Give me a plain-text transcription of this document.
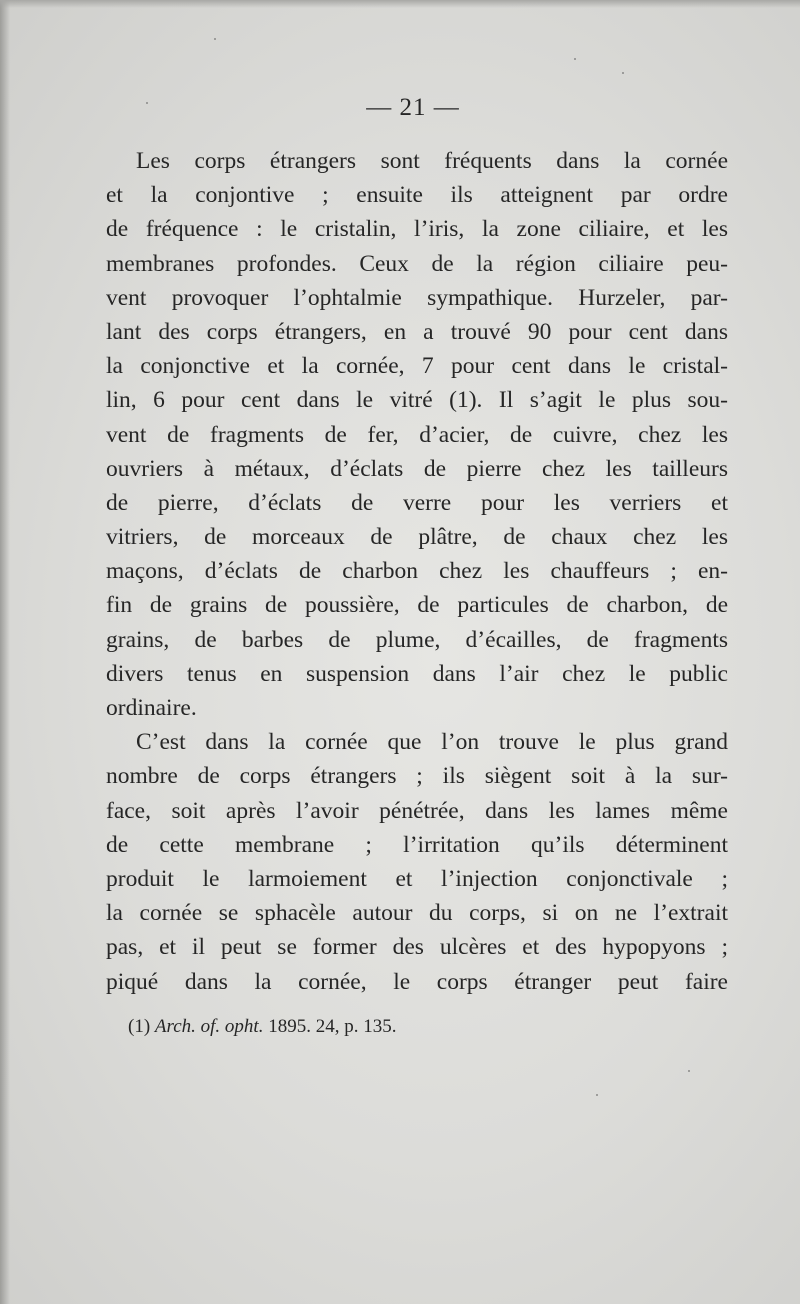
— 21 —
Les corps étrangers sont fréquents dans la cornée
et la conjontive ; ensuite ils atteignent par ordre
de fréquence : le cristalin, l’iris, la zone ciliaire, et les
membranes profondes. Ceux de la région ciliaire peu-
vent provoquer l’ophtalmie sympathique. Hurzeler, par-
lant des corps étrangers, en a trouvé 90 pour cent dans
la conjonctive et la cornée, 7 pour cent dans le cristal-
lin, 6 pour cent dans le vitré (1). Il s’agit le plus sou-
vent de fragments de fer, d’acier, de cuivre, chez les
ouvriers à métaux, d’éclats de pierre chez les tailleurs
de pierre, d’éclats de verre pour les verriers et
vitriers, de morceaux de plâtre, de chaux chez les
maçons, d’éclats de charbon chez les chauffeurs ; en-
fin de grains de poussière, de particules de charbon, de
grains, de barbes de plume, d’écailles, de fragments
divers tenus en suspension dans l’air chez le public
ordinaire.
C’est dans la cornée que l’on trouve le plus grand
nombre de corps étrangers ; ils siègent soit à la sur-
face, soit après l’avoir pénétrée, dans les lames même
de cette membrane ; l’irritation qu’ils déterminent
produit le larmoiement et l’injection conjonctivale ;
la cornée se sphacèle autour du corps, si on ne l’extrait
pas, et il peut se former des ulcères et des hypopyons ;
piqué dans la cornée, le corps étranger peut faire
(1) Arch. of. opht. 1895. 24, p. 135.
